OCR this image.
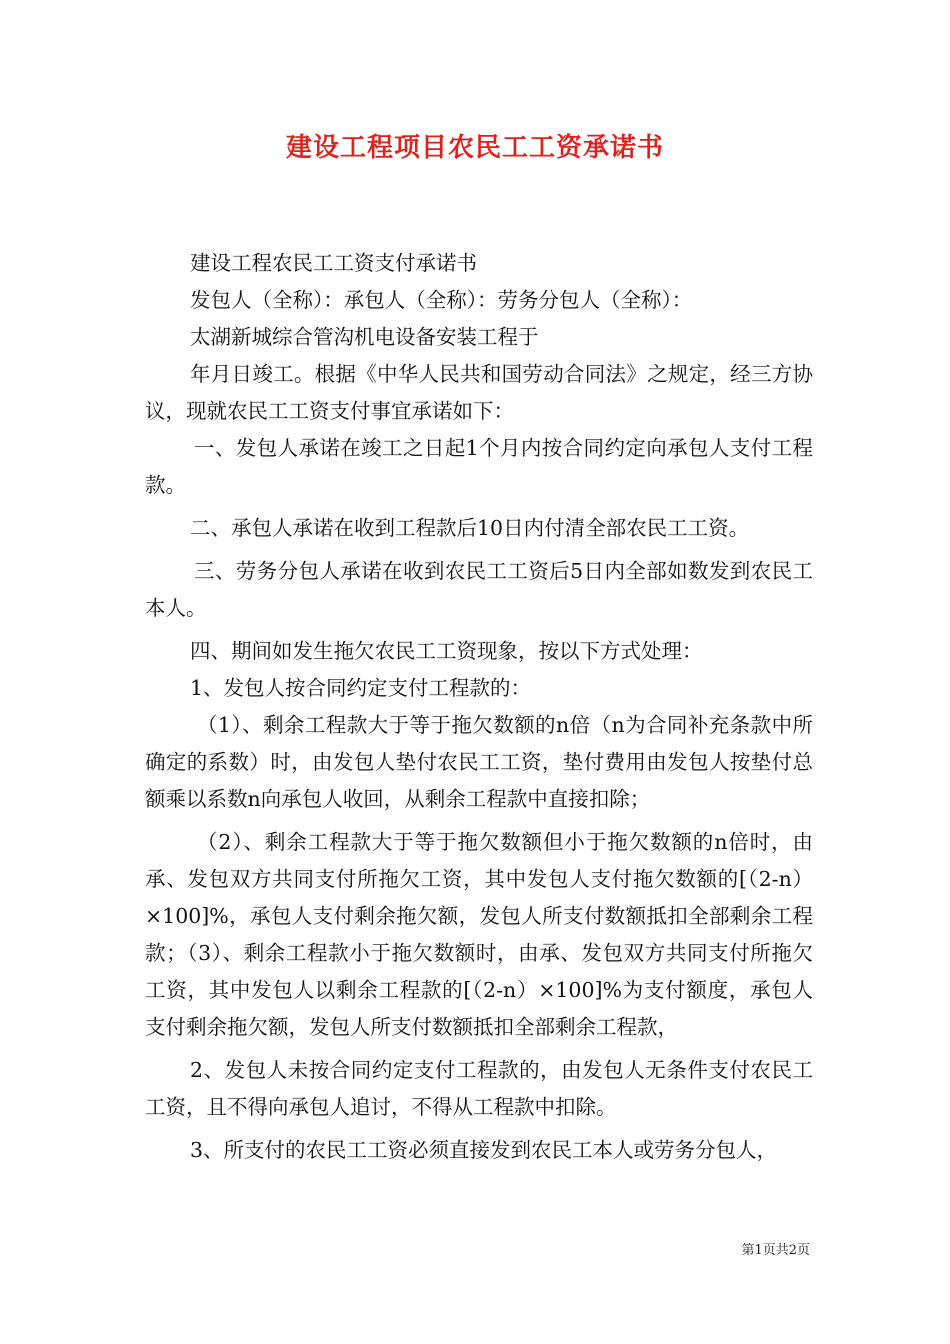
建设工程项目农民工工资承诺书

建设工程农民工工资支付承诺书

发包人（全称）：承包人（全称）：劳务分包人（全称）：

太湖新城综合管沟机电设备安装工程于

年月日竣工。根据《中华人民共和国劳动合同法》之规定，经三方协议，现就农民工工资支付事宜承诺如下：

一、发包人承诺在竣工之日起1个月内按合同约定向承包人支付工程款。

二、承包人承诺在收到工程款后10日内付清全部农民工工资。

三、劳务分包人承诺在收到农民工工资后5日内全部如数发到农民工本人。

四、期间如发生拖欠农民工工资现象，按以下方式处理：

1、发包人按合同约定支付工程款的：

（1）、剩余工程款大于等于拖欠数额的n倍（n为合同补充条款中所确定的系数）时，由发包人垫付农民工工资，垫付费用由发包人按垫付总额乘以系数n向承包人收回，从剩余工程款中直接扣除；

（2）、剩余工程款大于等于拖欠数额但小于拖欠数额的n倍时，由承、发包双方共同支付所拖欠工资，其中发包人支付拖欠数额的[（2-n）×100]%，承包人支付剩余拖欠额，发包人所支付数额抵扣全部剩余工程款；（3）、剩余工程款小于拖欠数额时，由承、发包双方共同支付所拖欠工资，其中发包人以剩余工程款的[（2-n）×100]%为支付额度，承包人支付剩余拖欠额，发包人所支付数额抵扣全部剩余工程款，

2、发包人未按合同约定支付工程款的，由发包人无条件支付农民工工资，且不得向承包人追讨，不得从工程款中扣除。

3、所支付的农民工工资必须直接发到农民工本人或劳务分包人，

第1页共2页
